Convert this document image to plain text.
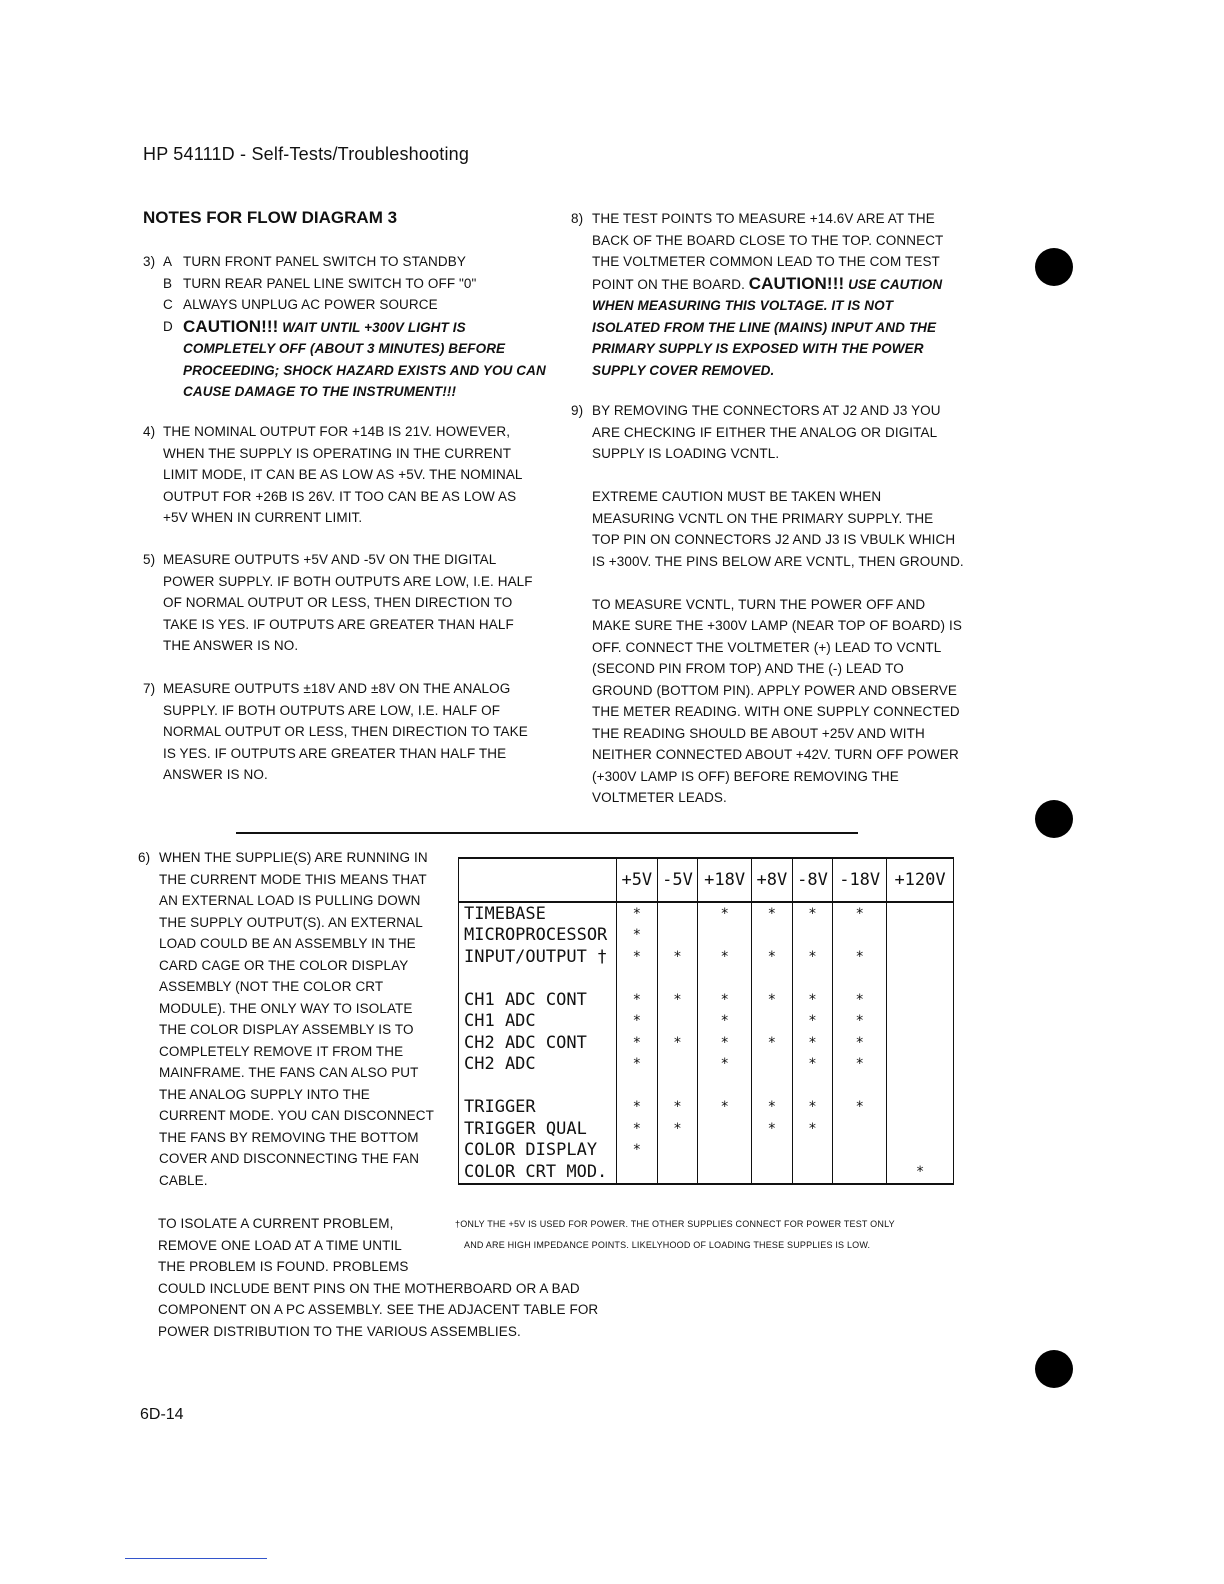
HP 54111D - Self-Tests/Troubleshooting
NOTES FOR FLOW DIAGRAM 3
3) A TURN FRONT PANEL SWITCH TO STANDBY
B TURN REAR PANEL LINE SWITCH TO OFF "0"
C ALWAYS UNPLUG AC POWER SOURCE
D CAUTION!!! WAIT UNTIL +300V LIGHT IS COMPLETELY OFF (ABOUT 3 MINUTES) BEFORE PROCEEDING; SHOCK HAZARD EXISTS AND YOU CAN CAUSE DAMAGE TO THE INSTRUMENT!!!
4) THE NOMINAL OUTPUT FOR +14B IS 21V. HOWEVER, WHEN THE SUPPLY IS OPERATING IN THE CURRENT LIMIT MODE, IT CAN BE AS LOW AS +5V. THE NOMINAL OUTPUT FOR +26B IS 26V. IT TOO CAN BE AS LOW AS +5V WHEN IN CURRENT LIMIT.
5) MEASURE OUTPUTS +5V AND -5V ON THE DIGITAL POWER SUPPLY. IF BOTH OUTPUTS ARE LOW, I.E. HALF OF NORMAL OUTPUT OR LESS, THEN DIRECTION TO TAKE IS YES. IF OUTPUTS ARE GREATER THAN HALF THE ANSWER IS NO.
7) MEASURE OUTPUTS ±18V AND ±8V ON THE ANALOG SUPPLY. IF BOTH OUTPUTS ARE LOW, I.E. HALF OF NORMAL OUTPUT OR LESS, THEN DIRECTION TO TAKE IS YES. IF OUTPUTS ARE GREATER THAN HALF THE ANSWER IS NO.
8) THE TEST POINTS TO MEASURE +14.6V ARE AT THE BACK OF THE BOARD CLOSE TO THE TOP. CONNECT THE VOLTMETER COMMON LEAD TO THE COM TEST POINT ON THE BOARD. CAUTION!!! USE CAUTION WHEN MEASURING THIS VOLTAGE. IT IS NOT ISOLATED FROM THE LINE (MAINS) INPUT AND THE PRIMARY SUPPLY IS EXPOSED WITH THE POWER SUPPLY COVER REMOVED.
9) BY REMOVING THE CONNECTORS AT J2 AND J3 YOU ARE CHECKING IF EITHER THE ANALOG OR DIGITAL SUPPLY IS LOADING VCNTL.
EXTREME CAUTION MUST BE TAKEN WHEN MEASURING VCNTL ON THE PRIMARY SUPPLY. THE TOP PIN ON CONNECTORS J2 AND J3 IS VBULK WHICH IS +300V. THE PINS BELOW ARE VCNTL, THEN GROUND.
TO MEASURE VCNTL, TURN THE POWER OFF AND MAKE SURE THE +300V LAMP (NEAR TOP OF BOARD) IS OFF. CONNECT THE VOLTMETER (+) LEAD TO VCNTL (SECOND PIN FROM TOP) AND THE (-) LEAD TO GROUND (BOTTOM PIN). APPLY POWER AND OBSERVE THE METER READING. WITH ONE SUPPLY CONNECTED THE READING SHOULD BE ABOUT +25V AND WITH NEITHER CONNECTED ABOUT +42V. TURN OFF POWER (+300V LAMP IS OFF) BEFORE REMOVING THE VOLTMETER LEADS.
6) WHEN THE SUPPLIE(S) ARE RUNNING IN THE CURRENT MODE THIS MEANS THAT AN EXTERNAL LOAD IS PULLING DOWN THE SUPPLY OUTPUT(S). AN EXTERNAL LOAD COULD BE AN ASSEMBLY IN THE CARD CAGE OR THE COLOR DISPLAY ASSEMBLY (NOT THE COLOR CRT MODULE). THE ONLY WAY TO ISOLATE THE COLOR DISPLAY ASSEMBLY IS TO COMPLETELY REMOVE IT FROM THE MAINFRAME. THE FANS CAN ALSO PUT THE ANALOG SUPPLY INTO THE CURRENT MODE. YOU CAN DISCONNECT THE FANS BY REMOVING THE BOTTOM COVER AND DISCONNECTING THE FAN CABLE.
TO ISOLATE A CURRENT PROBLEM,
REMOVE ONE LOAD AT A TIME UNTIL
THE PROBLEM IS FOUND. PROBLEMS
COULD INCLUDE BENT PINS ON THE MOTHERBOARD OR A BAD
COMPONENT ON A PC ASSEMBLY. SEE THE ADJACENT TABLE FOR
POWER DISTRIBUTION TO THE VARIOUS ASSEMBLIES.
	+5V	-5V	+18V	+8V	-8V	-18V	+120V
TIMEBASE	*		*	*	*	*	
MICROPROCESSOR	*						
INPUT/OUTPUT †	*	*	*	*	*	*	

CH1 ADC CONT	*	*	*	*	*	*	
CH1 ADC	*		*		*	*	
CH2 ADC CONT	*	*	*	*	*	*	
CH2 ADC	*		*		*	*	

TRIGGER	*	*	*	*	*	*	
TRIGGER QUAL	*	*		*	*		
COLOR DISPLAY	*						
COLOR CRT MOD.							*
†ONLY THE +5V IS USED FOR POWER. THE OTHER SUPPLIES CONNECT FOR POWER TEST ONLY
AND ARE HIGH IMPEDANCE POINTS. LIKELYHOOD OF LOADING THESE SUPPLIES IS LOW.
6D-14
